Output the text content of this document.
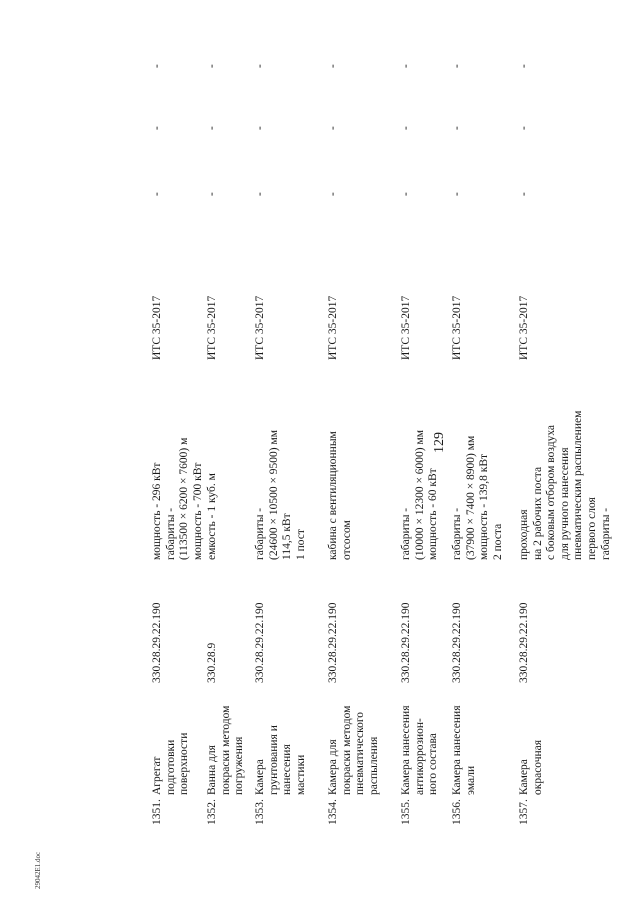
129
29042Е1.doc
1351.
Агрегат подготовки поверхности
330.28.29.22.190
мощность - 296 кВт габариты - (113500 × 6200 × 7600) м мощность - 700 кВт
ИТС 35-2017
-
-
-
1352.
Ванна для покраски методом погружения
330.28.9
емкость - 1 куб. м
ИТС 35-2017
-
-
-
1353.
Камера грунтования и нанесения мастики
330.28.29.22.190
габариты - (24600 × 10500 × 9500) мм 114,5 кВт 1 пост
ИТС 35-2017
-
-
-
1354.
Камера для покраски методом пневматического распыления
330.28.29.22.190
кабина с вентиляционным отсосом
ИТС 35-2017
-
-
-
1355.
Камера нанесения антикоррозион- ного состава
330.28.29.22.190
габариты - (10000 × 12300 × 6000) мм мощность - 60 кВт
ИТС 35-2017
-
-
-
1356.
Камера нанесения эмали
330.28.29.22.190
габариты - (37900 × 7400 × 8900) мм мощность - 139,8 кВт 2 поста
ИТС 35-2017
-
-
-
1357.
Камера окрасочная
330.28.29.22.190
проходная на 2 рабочих поста с боковым отбором воздуха для ручного нанесения пневматическим распылением первого слоя габариты -
ИТС 35-2017
-
-
-
